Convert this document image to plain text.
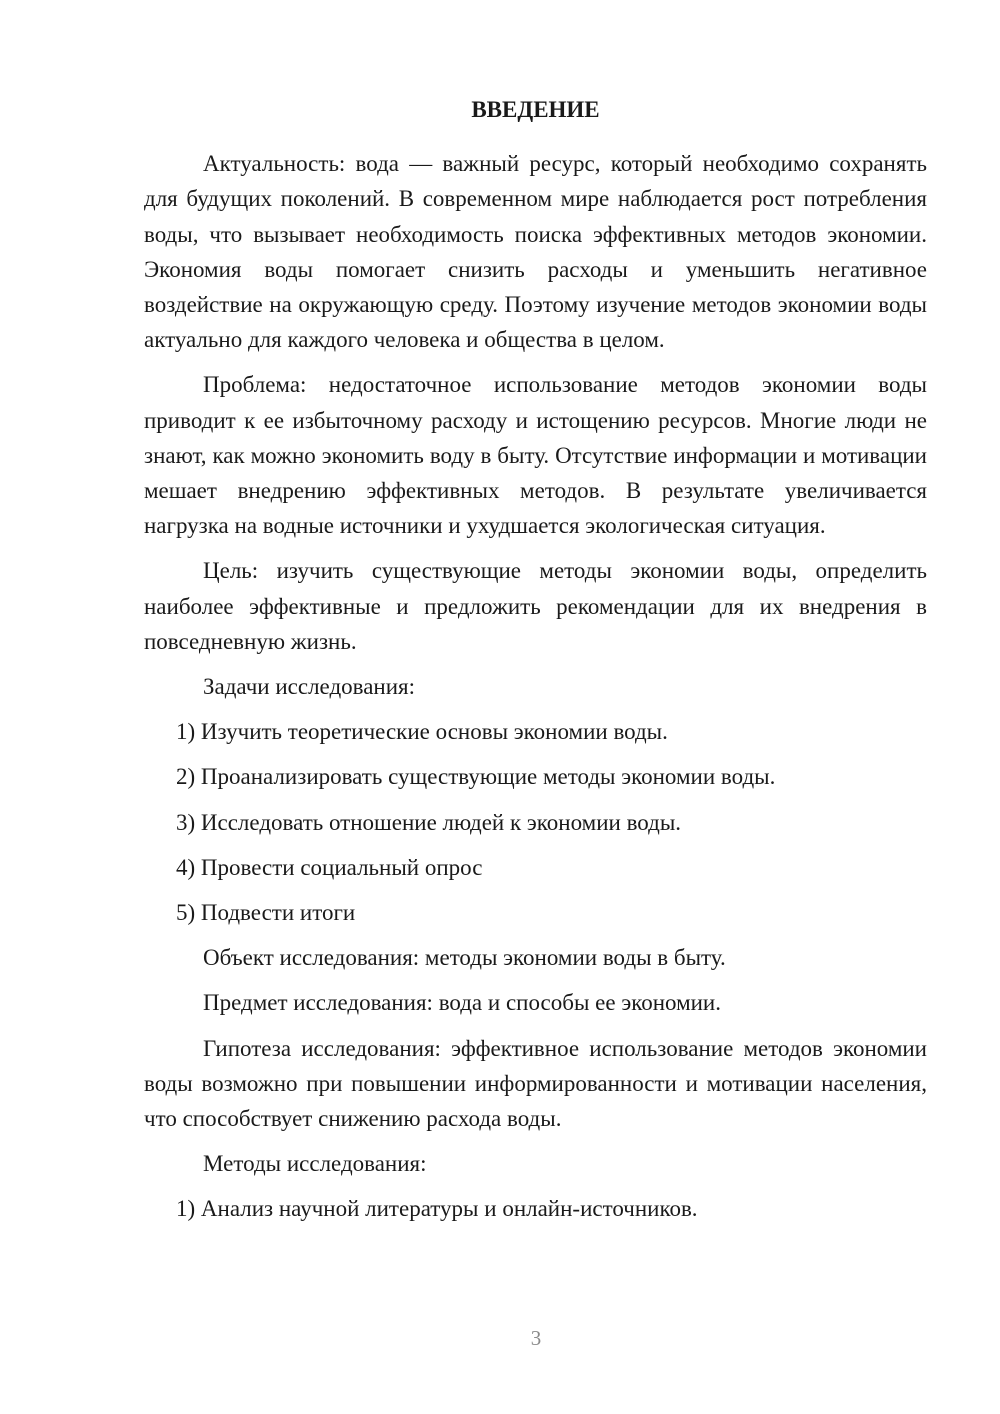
ВВЕДЕНИЕ

Актуальность: вода — важный ресурс, который необходимо сохранять для будущих поколений. В современном мире наблюдается рост потребления воды, что вызывает необходимость поиска эффективных методов экономии. Экономия воды помогает снизить расходы и уменьшить негативное воздействие на окружающую среду. Поэтому изучение методов экономии воды актуально для каждого человека и общества в целом.

Проблема: недостаточное использование методов экономии воды приводит к ее избыточному расходу и истощению ресурсов. Многие люди не знают, как можно экономить воду в быту. Отсутствие информации и мотивации мешает внедрению эффективных методов. В результате увеличивается нагрузка на водные источники и ухудшается экологическая ситуация.

Цель: изучить существующие методы экономии воды, определить наиболее эффективные и предложить рекомендации для их внедрения в повседневную жизнь.

Задачи исследования:

1) Изучить теоретические основы экономии воды.

2) Проанализировать существующие методы экономии воды.

3) Исследовать отношение людей к экономии воды.

4) Провести социальный опрос

5) Подвести итоги

Объект исследования: методы экономии воды в быту.

Предмет исследования: вода и способы ее экономии.

Гипотеза исследования: эффективное использование методов экономии воды возможно при повышении информированности и мотивации населения, что способствует снижению расхода воды.

Методы исследования:

1) Анализ научной литературы и онлайн-источников.

3
